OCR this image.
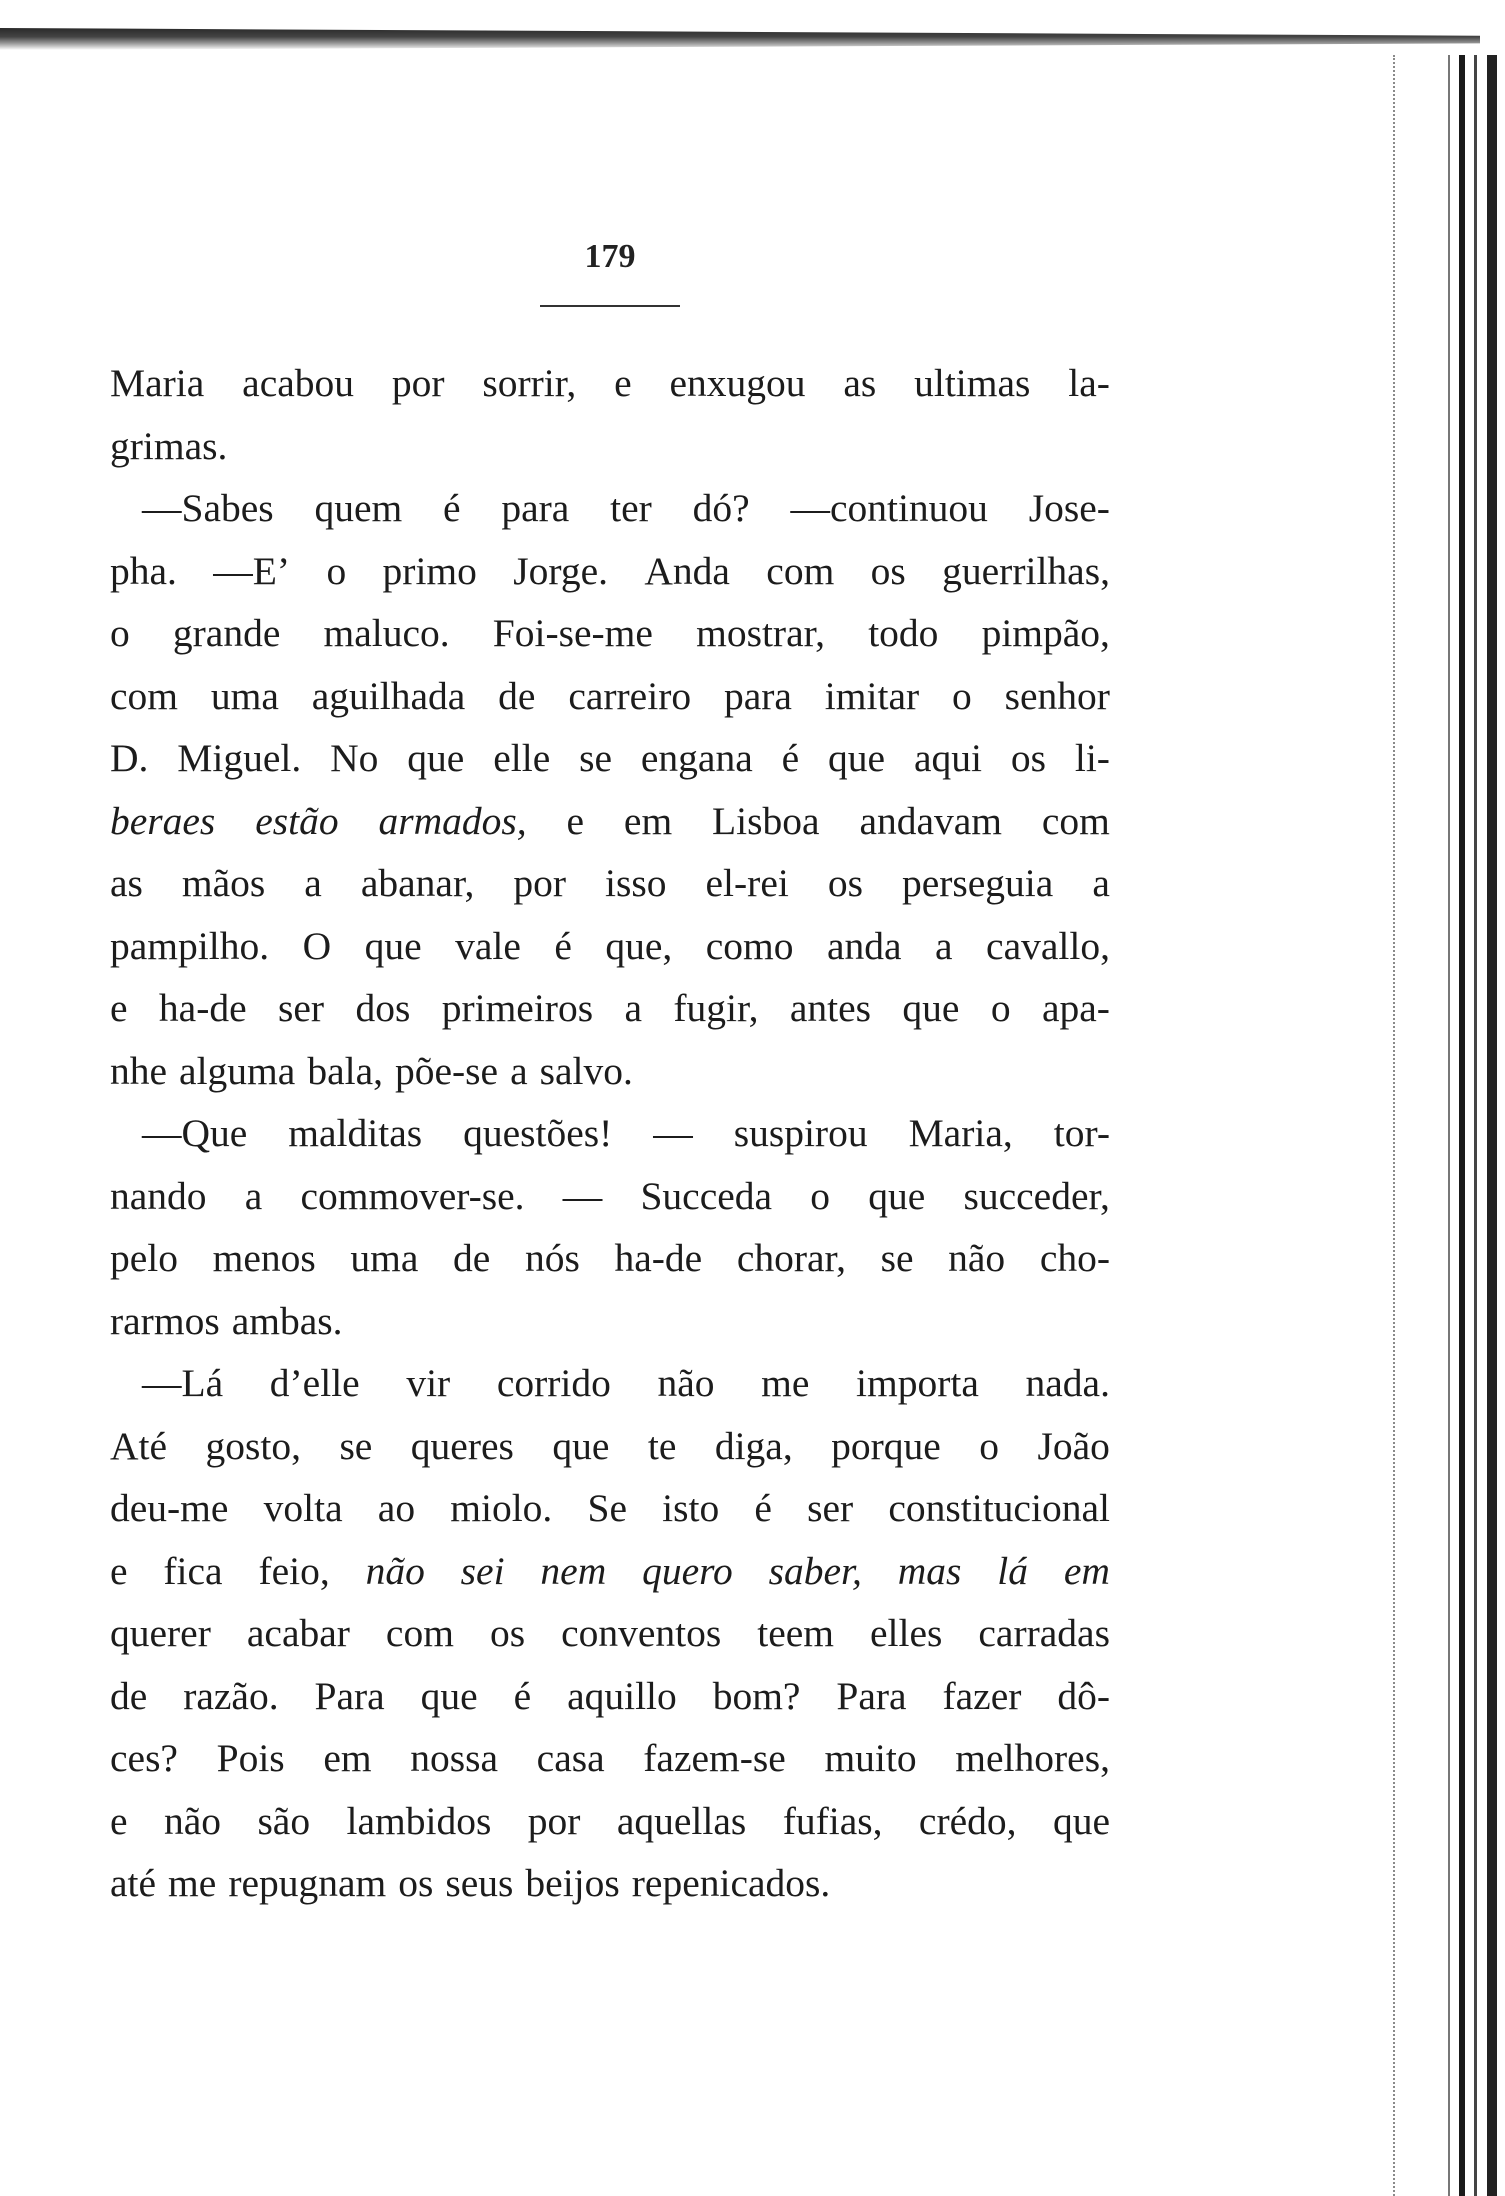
179
Maria acabou por sorrir, e enxugou as ultimas la-
grimas.
—Sabes quem é para ter dó? —continuou Jose-
pha. —E’ o primo Jorge. Anda com os guerrilhas,
o grande maluco. Foi-se-me mostrar, todo pimpão,
com uma aguilhada de carreiro para imitar o senhor
D. Miguel. No que elle se engana é que aqui os li-
beraes estão armados, e em Lisboa andavam com
as mãos a abanar, por isso el-rei os perseguia a
pampilho. O que vale é que, como anda a cavallo,
e ha-de ser dos primeiros a fugir, antes que o apa-
nhe alguma bala, põe-se a salvo.
—Que malditas questões! — suspirou Maria, tor-
nando a commover-se. — Succeda o que succeder,
pelo menos uma de nós ha-de chorar, se não cho-
rarmos ambas.
—Lá d’elle vir corrido não me importa nada.
Até gosto, se queres que te diga, porque o João
deu-me volta ao miolo. Se isto é ser constitucional
e fica feio, não sei nem quero saber, mas lá em
querer acabar com os conventos teem elles carradas
de razão. Para que é aquillo bom? Para fazer dô-
ces? Pois em nossa casa fazem-se muito melhores,
e não são lambidos por aquellas fufias, crédo, que
até me repugnam os seus beijos repenicados.
